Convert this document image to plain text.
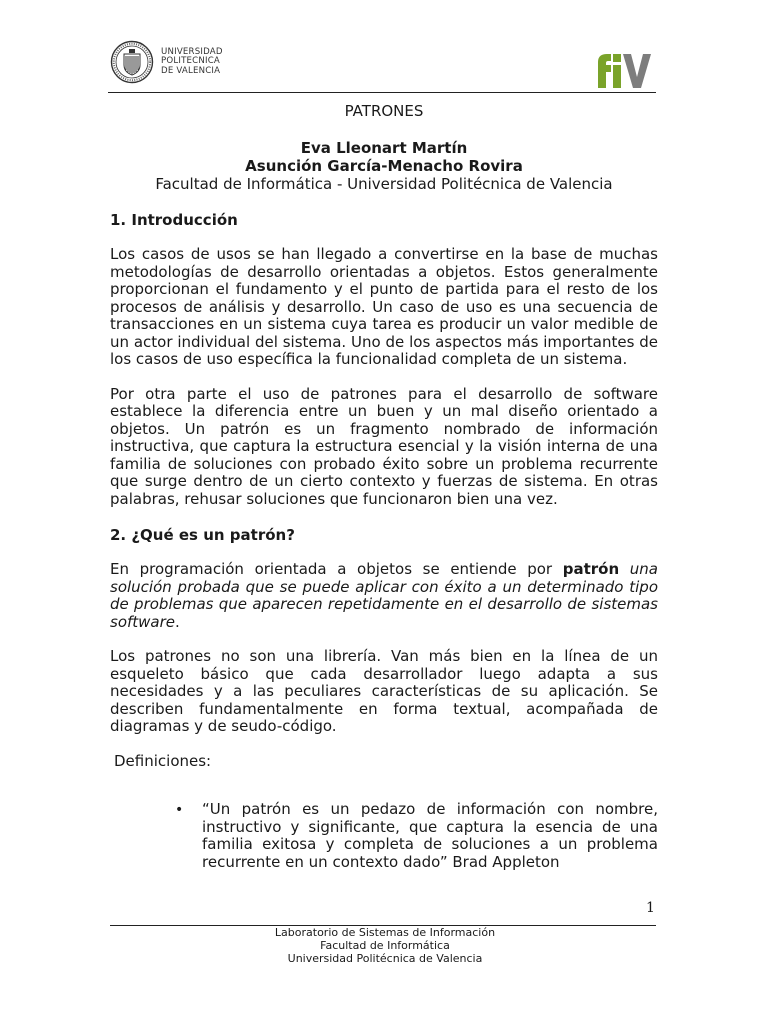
UNIVERSIDAD
POLITECNICA
DE VALENCIA

PATRONES

Eva Lleonart Martín

Asunción García-Menacho Rovira

Facultad de Informática - Universidad Politécnica de Valencia

1. Introducción

Los casos de usos se han llegado a convertirse en la base de muchas metodologías de desarrollo orientadas a objetos. Estos generalmente proporcionan el fundamento y el punto de partida para el resto de los procesos de análisis y desarrollo. Un caso de uso es una secuencia de transacciones en un sistema cuya tarea es producir un valor medible de un actor individual del sistema. Uno de los aspectos más importantes de los casos de uso específica la funcionalidad completa de un sistema.

Por otra parte el uso de patrones para el desarrollo de software establece la diferencia entre un buen y un mal diseño orientado a objetos. Un patrón es un fragmento nombrado de información instructiva, que captura la estructura esencial y la visión interna de una familia de soluciones con probado éxito sobre un problema recurrente que surge dentro de un cierto contexto y fuerzas de sistema. En otras palabras, rehusar soluciones que funcionaron bien una vez.

2. ¿Qué es un patrón?

En programación orientada a objetos se entiende por patrón una solución probada que se puede aplicar con éxito a un determinado tipo de problemas que aparecen repetidamente en el desarrollo de sistemas software.

Los patrones no son una librería. Van más bien en la línea de un esqueleto básico que cada desarrollador luego adapta a sus necesidades y a las peculiares características de su aplicación. Se describen fundamentalmente en forma textual, acompañada de diagramas y de seudo-código.

Definiciones:

• “Un patrón es un pedazo de información con nombre, instructivo y significante, que captura la esencia de una familia exitosa y completa de soluciones a un problema recurrente en un contexto dado” Brad Appleton
1
Laboratorio de Sistemas de Información
Facultad de Informática
Universidad Politécnica de Valencia
